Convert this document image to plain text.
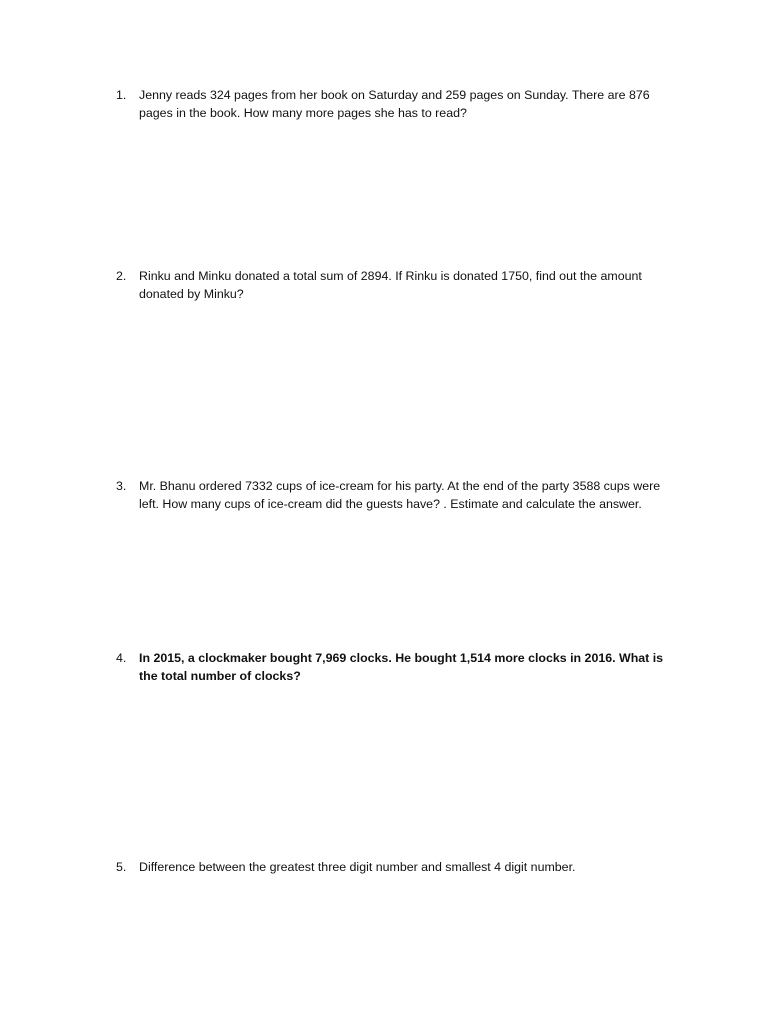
1.	Jenny reads 324 pages from her book on Saturday and 259 pages on Sunday. There are 876 pages in the book. How many more pages she has to read?
2.	Rinku and Minku donated a total sum of 2894. If Rinku is donated 1750, find out the amount donated by Minku?
3.	Mr. Bhanu ordered 7332 cups of ice-cream for his party. At the end of the party 3588 cups were left. How many cups of ice-cream did the guests have? . Estimate and calculate the answer.
4.	In 2015, a clockmaker bought 7,969 clocks. He bought 1,514 more clocks in 2016. What is the total number of clocks?
5.	Difference between the greatest three digit number and smallest 4 digit number.
